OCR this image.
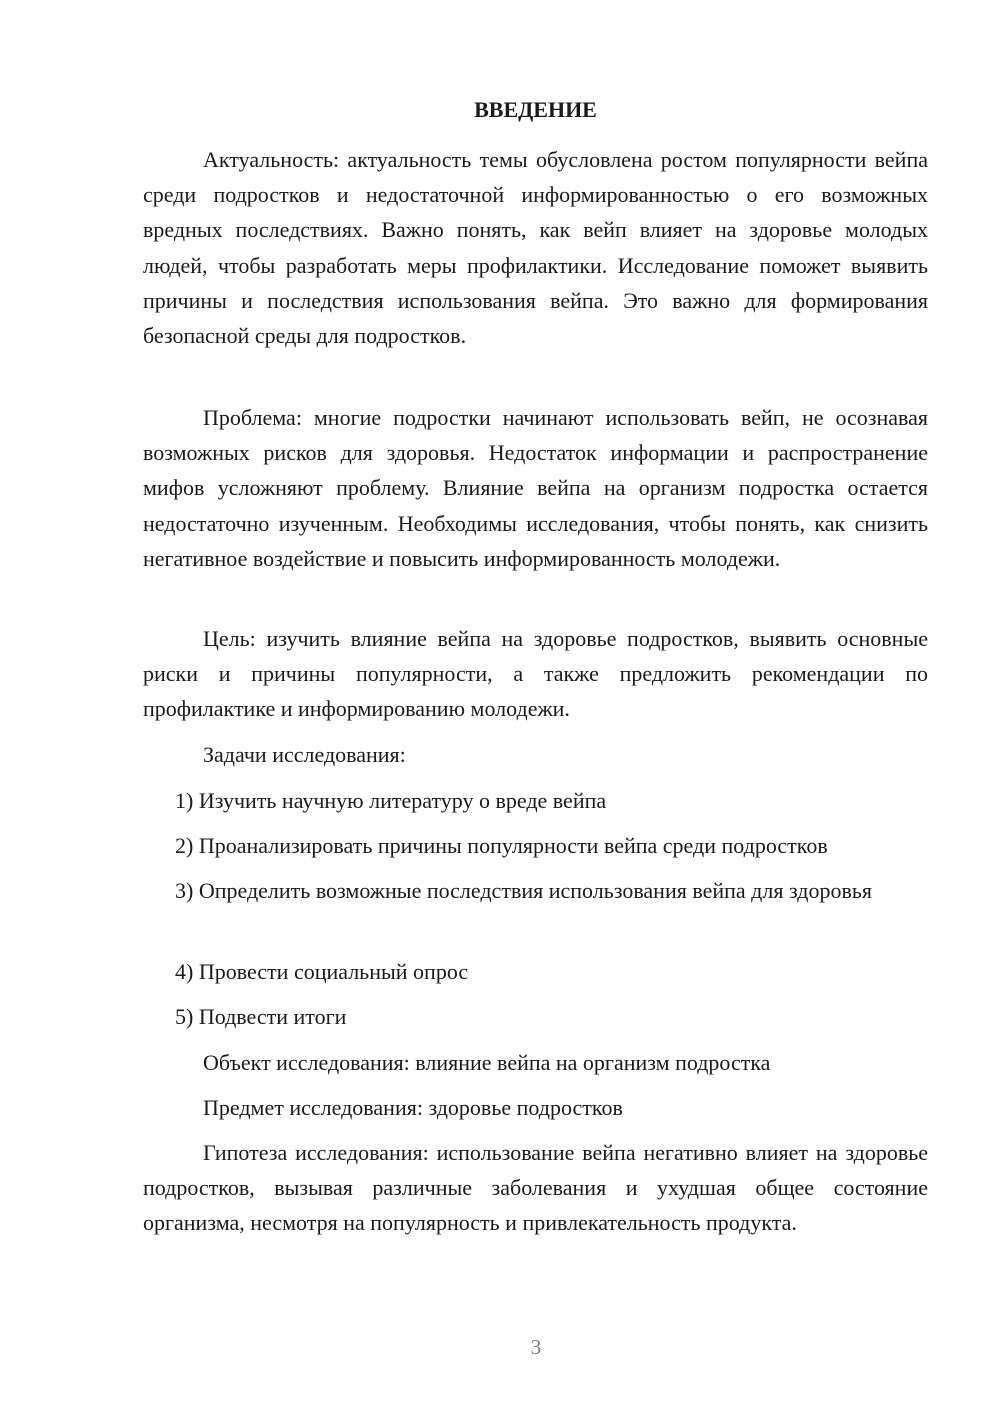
ВВЕДЕНИЕ

Актуальность: актуальность темы обусловлена ростом популярности вейпа среди подростков и недостаточной информированностью о его возможных вредных последствиях. Важно понять, как вейп влияет на здоровье молодых людей, чтобы разработать меры профилактики. Исследование поможет выявить причины и последствия использования вейпа. Это важно для формирования безопасной среды для подростков.

Проблема: многие подростки начинают использовать вейп, не осознавая возможных рисков для здоровья. Недостаток информации и распространение мифов усложняют проблему. Влияние вейпа на организм подростка остается недостаточно изученным. Необходимы исследования, чтобы понять, как снизить негативное воздействие и повысить информированность молодежи.

Цель: изучить влияние вейпа на здоровье подростков, выявить основные риски и причины популярности, а также предложить рекомендации по профилактике и информированию молодежи.

Задачи исследования:

1) Изучить научную литературу о вреде вейпа

2) Проанализировать причины популярности вейпа среди подростков

3) Определить возможные последствия использования вейпа для здоровья

4) Провести социальный опрос

5) Подвести итоги

Объект исследования: влияние вейпа на организм подростка

Предмет исследования: здоровье подростков

Гипотеза исследования: использование вейпа негативно влияет на здоровье подростков, вызывая различные заболевания и ухудшая общее состояние организма, несмотря на популярность и привлекательность продукта.

3
